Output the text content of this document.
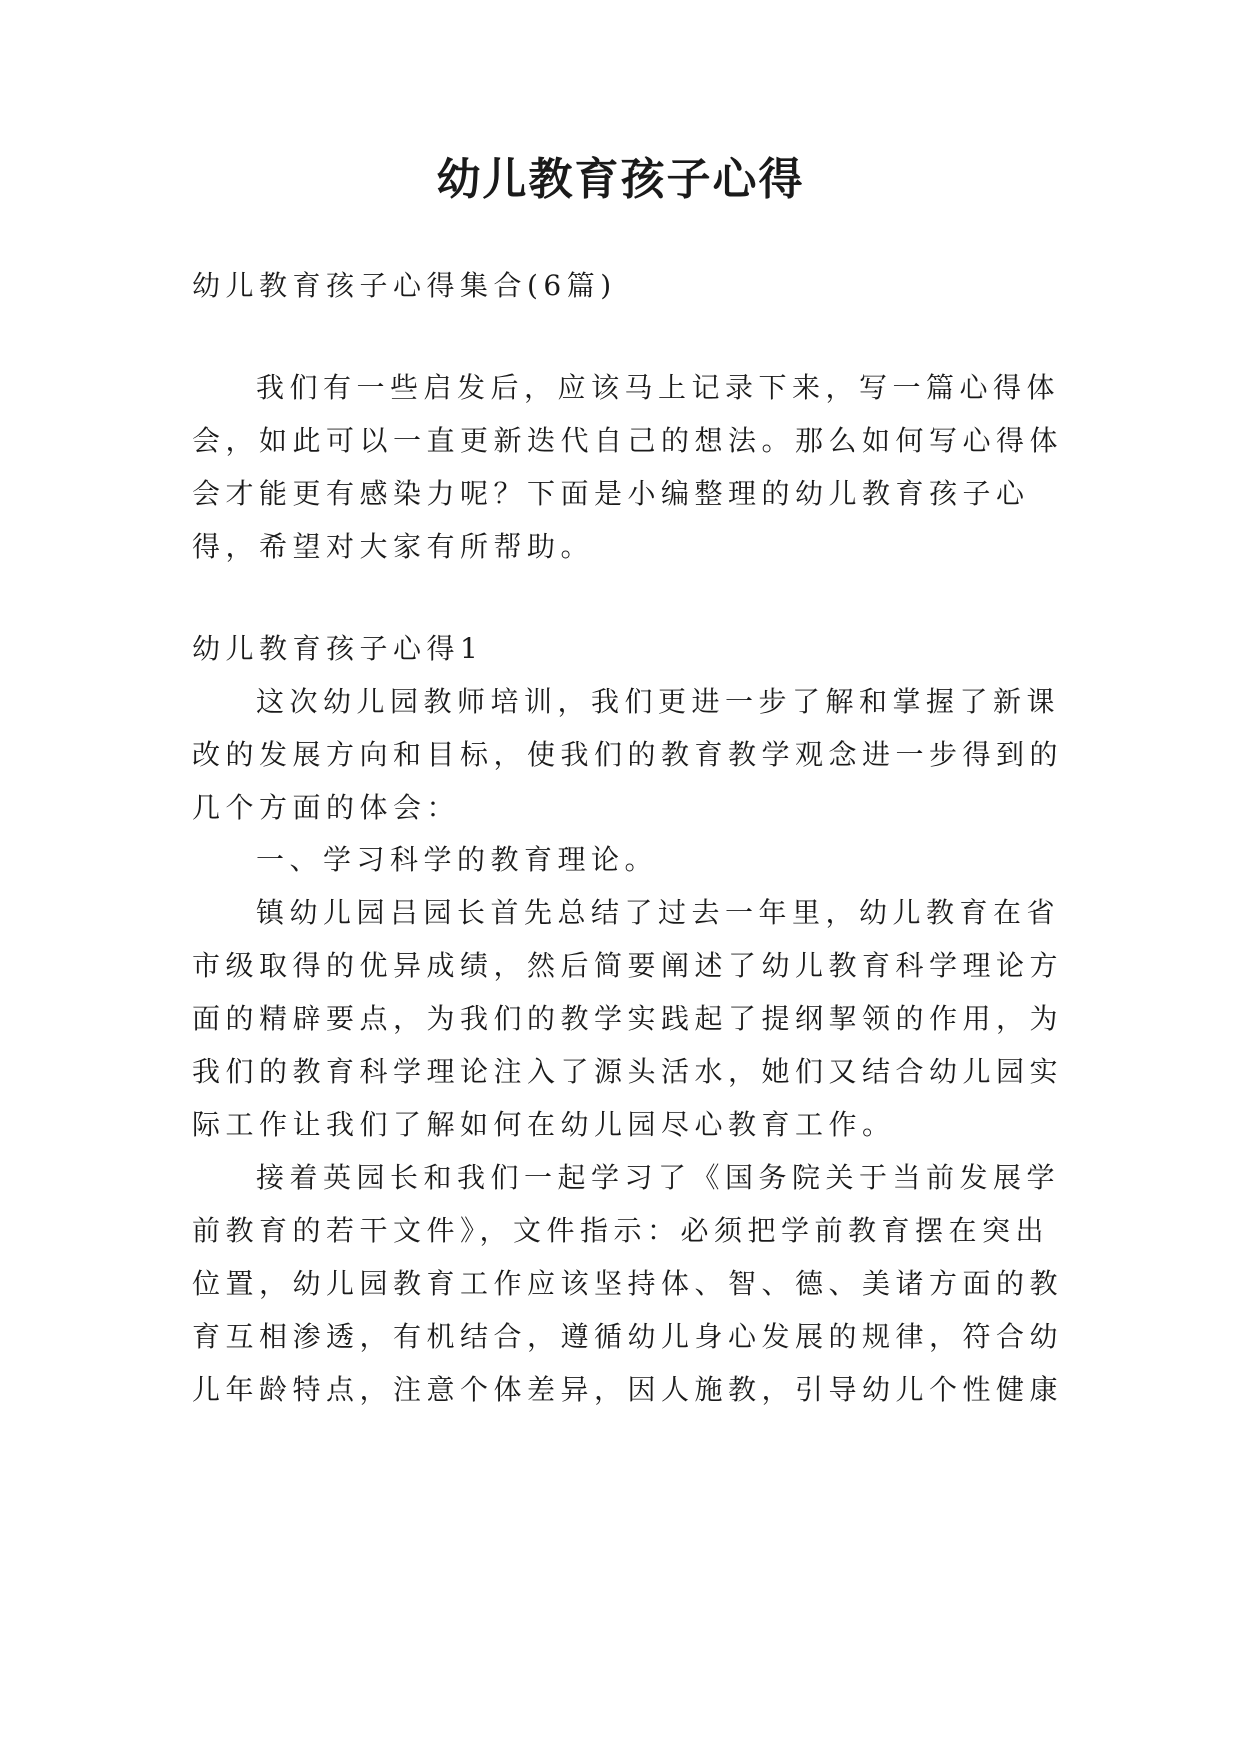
幼儿教育孩子心得

幼儿教育孩子心得集合(6篇)

我们有一些启发后，应该马上记录下来，写一篇心得体

会，如此可以一直更新迭代自己的想法。那么如何写心得体

会才能更有感染力呢？下面是小编整理的幼儿教育孩子心

得，希望对大家有所帮助。

幼儿教育孩子心得1

这次幼儿园教师培训，我们更进一步了解和掌握了新课

改的发展方向和目标，使我们的教育教学观念进一步得到的

几个方面的体会：

一、学习科学的教育理论。

镇幼儿园吕园长首先总结了过去一年里，幼儿教育在省

市级取得的优异成绩，然后简要阐述了幼儿教育科学理论方

面的精辟要点，为我们的教学实践起了提纲挈领的作用，为

我们的教育科学理论注入了源头活水，她们又结合幼儿园实

际工作让我们了解如何在幼儿园尽心教育工作。

接着英园长和我们一起学习了《国务院关于当前发展学

前教育的若干文件》，文件指示：必须把学前教育摆在突出

位置，幼儿园教育工作应该坚持体、智、德、美诸方面的教

育互相渗透，有机结合，遵循幼儿身心发展的规律，符合幼

儿年龄特点，注意个体差异，因人施教，引导幼儿个性健康
